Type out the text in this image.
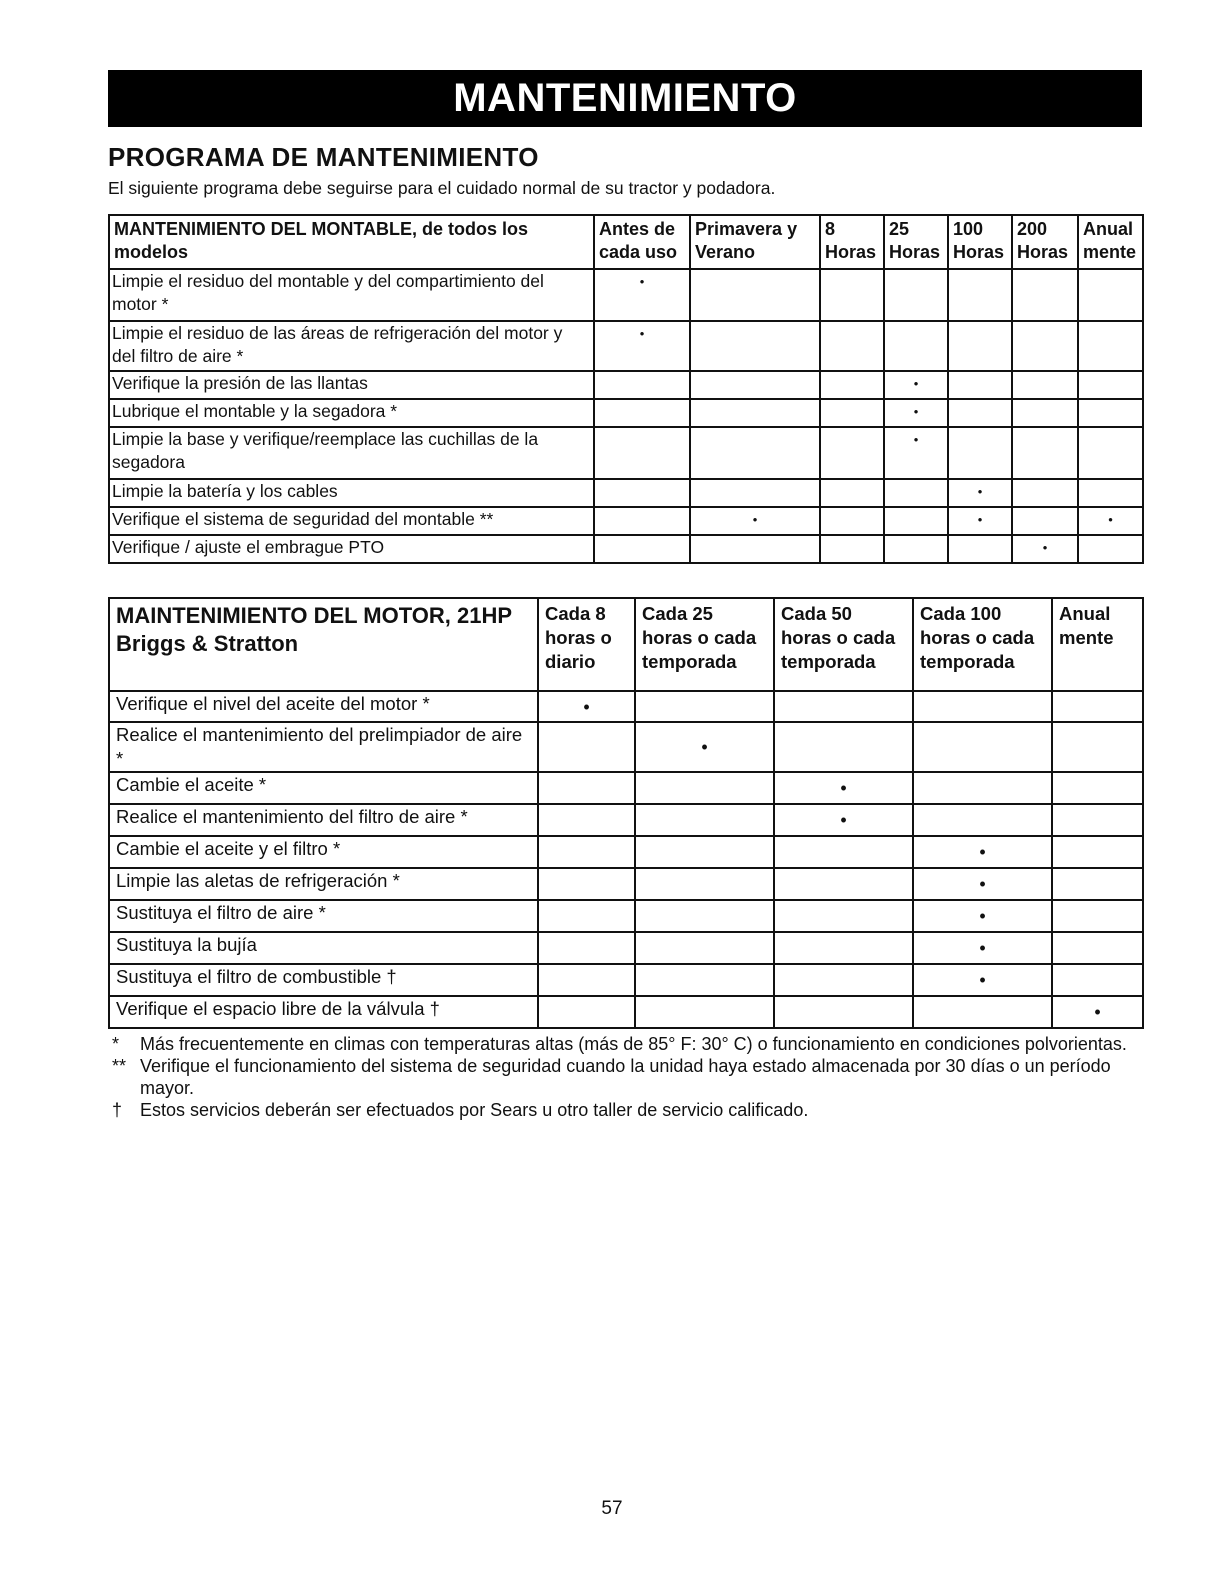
MANTENIMIENTO
PROGRAMA DE MANTENIMIENTO
El siguiente programa debe seguirse para el cuidado normal de su tractor y podadora.
MANTENIMIENTO DEL MONTABLE, de todos los modelos	Antes de cada uso	Primavera y Verano	8 Horas	25 Horas	100 Horas	200 Horas	Anual mente
Limpie el residuo del montable y del compartimiento del motor *	•						
Limpie el residuo de las áreas de refrigeración del motor y del filtro de aire *	•						
Verifique la presión de las llantas				•			
Lubrique el montable y la segadora *				•			
Limpie la base y verifique/reemplace las cuchillas de la segadora				•			
Limpie la batería y los cables					•		
Verifique el sistema de seguridad del montable **		•			•		•
Verifique / ajuste el embrague PTO						•	
MAINTENIMIENTO DEL MOTOR, 21HP Briggs & Stratton	Cada 8 horas o diario	Cada 25 horas o cada temporada	Cada 50 horas o cada temporada	Cada 100 horas o cada temporada	Anual mente
Verifique el nivel del aceite del motor *	•				
Realice el mantenimiento del prelimpiador de aire *		•			
Cambie el aceite *			•		
Realice el mantenimiento del filtro de aire *			•		
Cambie el aceite y el filtro *				•	
Limpie las aletas de refrigeración *				•	
Sustituya el filtro de aire *				•	
Sustituya la bujía				•	
Sustituya el filtro de combustible †				•	
Verifique el espacio libre de la válvula †					•
*	Más frecuentemente en climas con temperaturas altas (más de 85° F: 30° C) o funcionamiento en condiciones polvorientas.
** Verifique el funcionamiento del sistema de seguridad cuando la unidad haya estado almacenada por 30 días o un período mayor.
† Estos servicios deberán ser efectuados por Sears u otro taller de servicio calificado.
57
